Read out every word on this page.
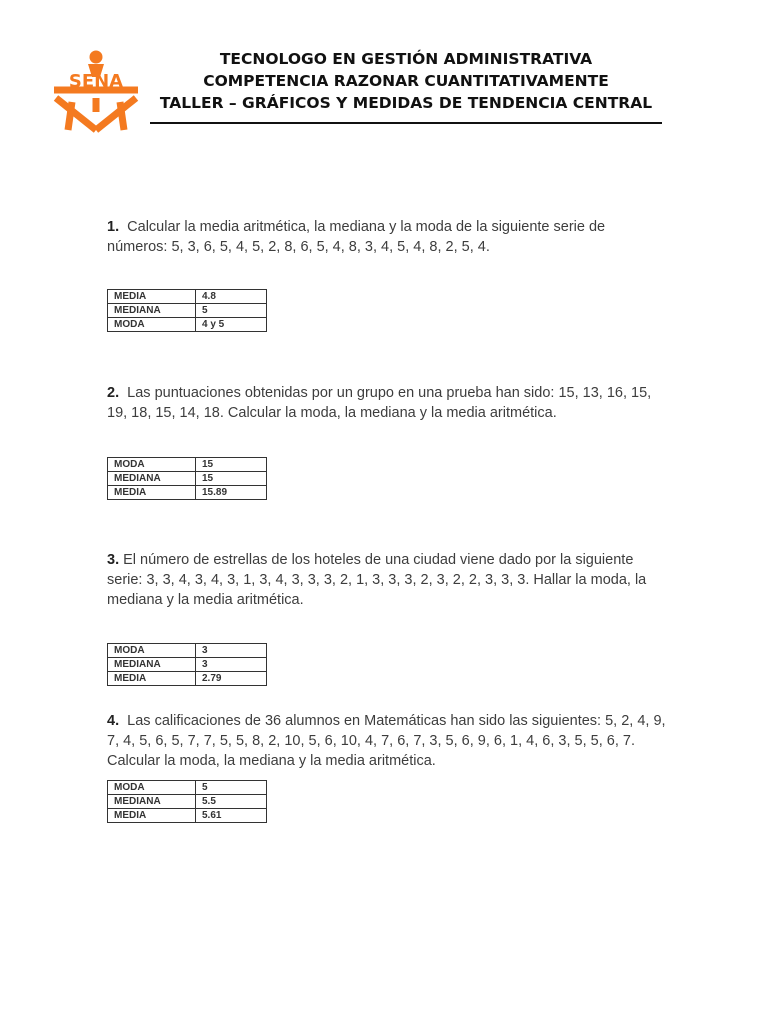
SENA
TECNOLOGO EN GESTIÓN ADMINISTRATIVA
COMPETENCIA RAZONAR CUANTITATIVAMENTE
TALLER – GRÁFICOS Y MEDIDAS DE TENDENCIA CENTRAL
1. Calcular la media aritmética, la mediana y la moda de la siguiente serie de números: 5, 3, 6, 5, 4, 5, 2, 8, 6, 5, 4, 8, 3, 4, 5, 4, 8, 2, 5, 4.
MEDIA	4.8
MEDIANA	5
MODA	4 y 5
2. Las puntuaciones obtenidas por un grupo en una prueba han sido: 15, 13, 16, 15, 19, 18, 15, 14, 18. Calcular la moda, la mediana y la media aritmética.
MODA	15
MEDIANA	15
MEDIA	15.89
3. El número de estrellas de los hoteles de una ciudad viene dado por la siguiente serie: 3, 3, 4, 3, 4, 3, 1, 3, 4, 3, 3, 3, 2, 1, 3, 3, 3, 2, 3, 2, 2, 3, 3, 3. Hallar la moda, la mediana y la media aritmética.
MODA	3
MEDIANA	3
MEDIA	2.79
4. Las calificaciones de 36 alumnos en Matemáticas han sido las siguientes: 5, 2, 4, 9, 7, 4, 5, 6, 5, 7, 7, 5, 5, 8, 2, 10, 5, 6, 10, 4, 7, 6, 7, 3, 5, 6, 9, 6, 1, 4, 6, 3, 5, 5, 6, 7. Calcular la moda, la mediana y la media aritmética.
MODA	5
MEDIANA	5.5
MEDIA	5.61
